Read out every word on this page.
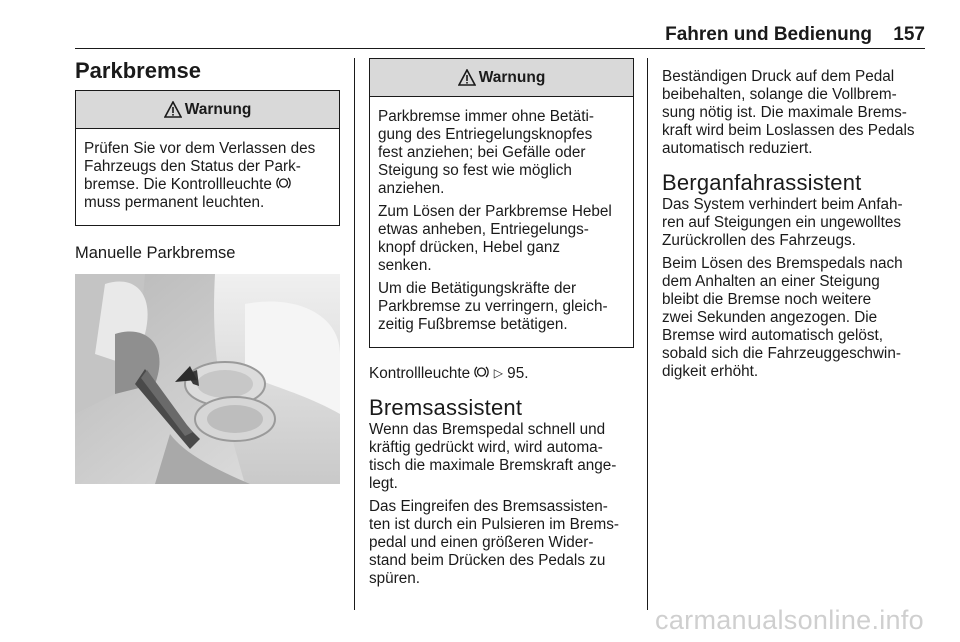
Fahren und Bedienung 157
Parkbremse
Warnung

Prüfen Sie vor dem Verlassen des
Fahrzeugs den Status der Park-
bremse. Die Kontrollleuchte
muss permanent leuchten.

Manuelle Parkbremse
Warnung

Parkbremse immer ohne Betäti-
gung des Entriegelungsknopfes
fest anziehen; bei Gefälle oder
Steigung so fest wie möglich
anziehen.

Zum Lösen der Parkbremse Hebel
etwas anheben, Entriegelungs-
knopf drücken, Hebel ganz
senken.

Um die Betätigungskräfte der
Parkbremse zu verringern, gleich-
zeitig Fußbremse betätigen.

Kontrollleuchte  ▷ 95.

Bremsassistent

Wenn das Bremspedal schnell und
kräftig gedrückt wird, wird automa-
tisch die maximale Bremskraft ange-
legt.

Das Eingreifen des Bremsassisten-
ten ist durch ein Pulsieren im Brems-
pedal und einen größeren Wider-
stand beim Drücken des Pedals zu
spüren.

Beständigen Druck auf dem Pedal
beibehalten, solange die Vollbrem-
sung nötig ist. Die maximale Brems-
kraft wird beim Loslassen des Pedals
automatisch reduziert.

Berganfahrassistent

Das System verhindert beim Anfah-
ren auf Steigungen ein ungewolltes
Zurückrollen des Fahrzeugs.

Beim Lösen des Bremspedals nach
dem Anhalten an einer Steigung
bleibt die Bremse noch weitere
zwei Sekunden angezogen. Die
Bremse wird automatisch gelöst,
sobald sich die Fahrzeuggeschwin-
digkeit erhöht.

carmanualsonline.info
